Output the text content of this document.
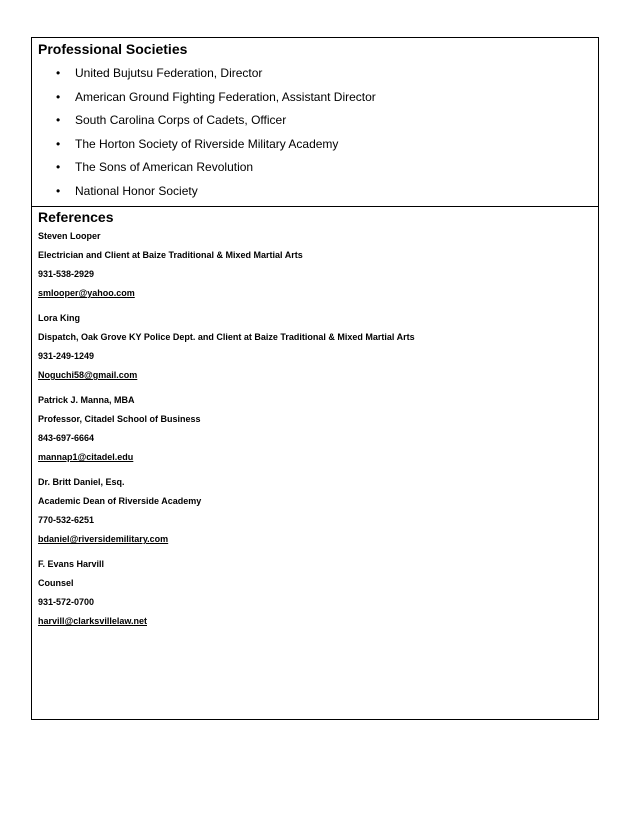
Professional Societies
• United Bujutsu Federation, Director
• American Ground Fighting Federation, Assistant Director
• South Carolina Corps of Cadets, Officer
• The Horton Society of Riverside Military Academy
• The Sons of American Revolution
• National Honor Society
References
Steven Looper
Electrician and Client at Baize Traditional & Mixed Martial Arts
931-538-2929
smlooper@yahoo.com
Lora King
Dispatch, Oak Grove KY Police Dept. and Client at Baize Traditional & Mixed Martial Arts
931-249-1249
Noguchi58@gmail.com
Patrick J. Manna, MBA
Professor, Citadel School of Business
843-697-6664
mannap1@citadel.edu
Dr. Britt Daniel, Esq.
Academic Dean of Riverside Academy
770-532-6251
bdaniel@riversidemilitary.com
F. Evans Harvill
Counsel
931-572-0700
harvill@clarksvillelaw.net
